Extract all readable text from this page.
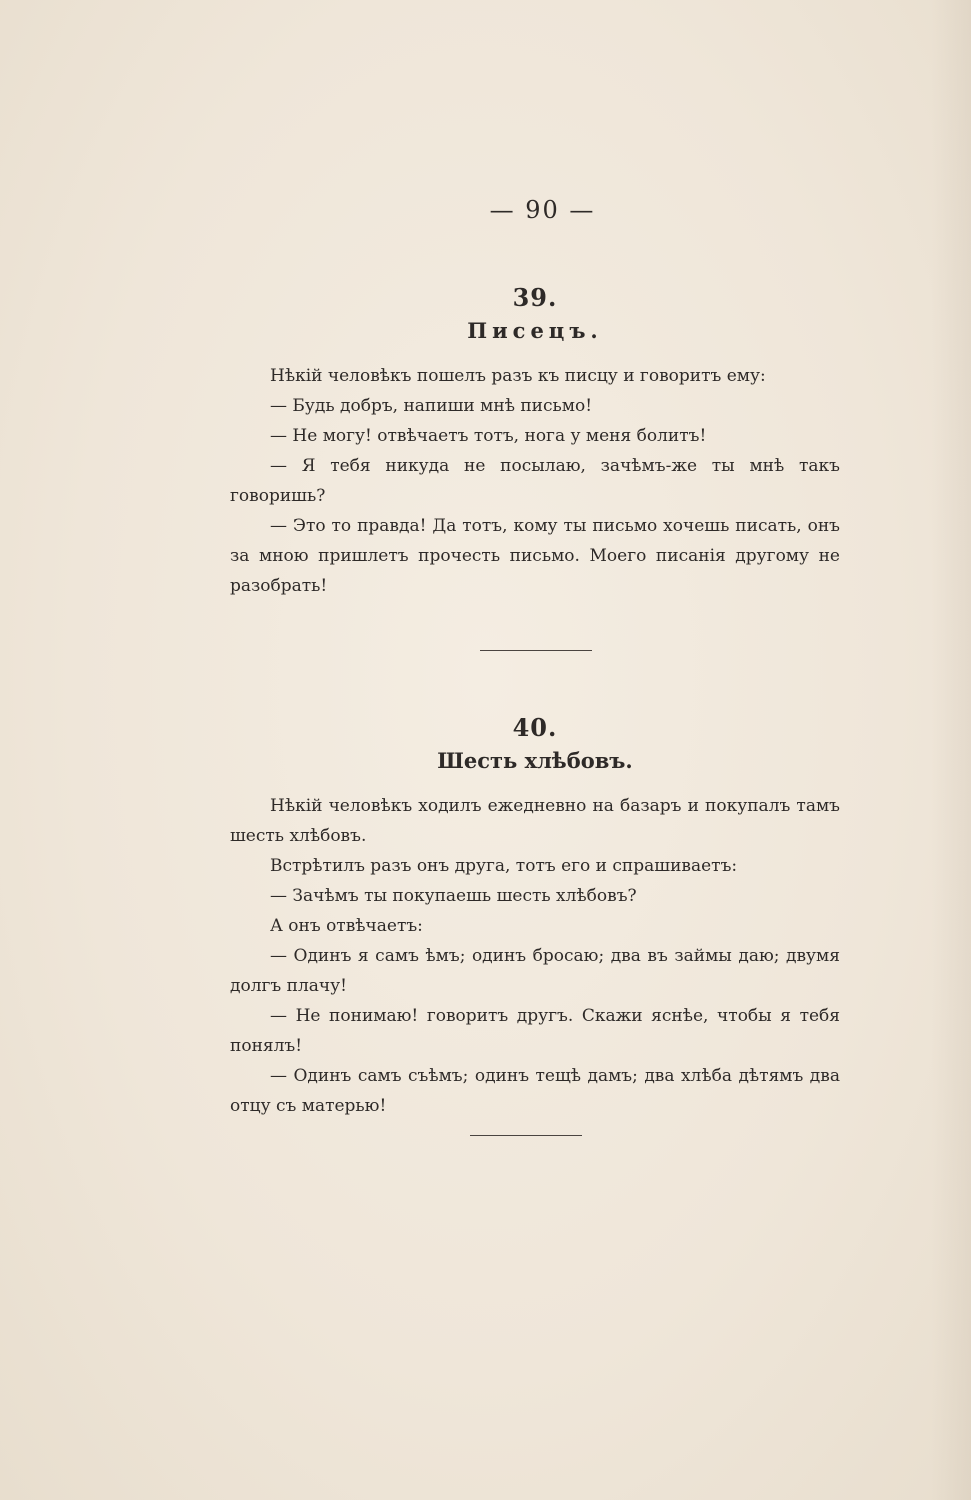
— 90 —

39.

Писецъ.

Нѣкій человѣкъ пошелъ разъ къ писцу и говоритъ ему:

— Будь добръ, напиши мнѣ письмо!

— Не могу! отвѣчаетъ тотъ, нога у меня болитъ!

— Я тебя никуда не посылаю, зачѣмъ-же ты мнѣ такъ говоришь?

— Это то правда! Да тотъ, кому ты письмо хочешь писать, онъ за мною пришлетъ прочесть письмо. Моего писанія другому не разобрать!

40.

Шесть хлѣбовъ.

Нѣкій человѣкъ ходилъ ежедневно на базаръ и покупалъ тамъ шесть хлѣбовъ.

Встрѣтилъ разъ онъ друга, тотъ его и спрашиваетъ:

— Зачѣмъ ты покупаешь шесть хлѣбовъ?

А онъ отвѣчаетъ:

— Одинъ я самъ ѣмъ; одинъ бросаю; два въ займы даю; двумя долгъ плачу!

— Не понимаю! говоритъ другъ. Скажи яснѣе, чтобы я тебя понялъ!

— Одинъ самъ съѣмъ; одинъ тещѣ дамъ; два хлѣба дѣтямъ два отцу съ матерью!
